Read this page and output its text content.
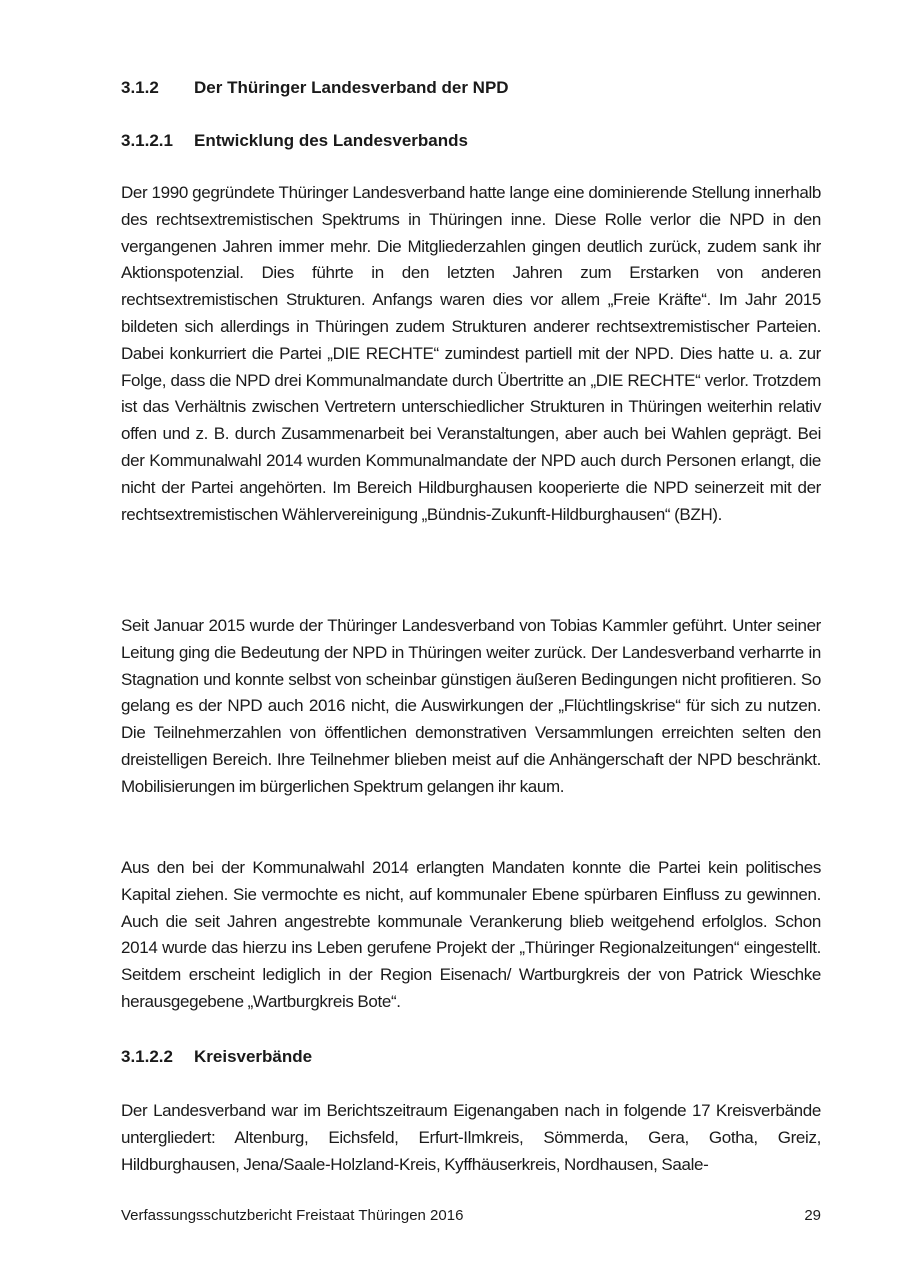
3.1.2 Der Thüringer Landesverband der NPD
3.1.2.1 Entwicklung des Landesverbands

Der 1990 gegründete Thüringer Landesverband hatte lange eine dominierende Stellung innerhalb des rechtsextremistischen Spektrums in Thüringen inne. Diese Rolle verlor die NPD in den vergangenen Jahren immer mehr. Die Mitgliederzahlen gingen deutlich zurück, zudem sank ihr Aktionspotenzial. Dies führte in den letzten Jahren zum Erstarken von anderen rechtsextremistischen Strukturen. Anfangs waren dies vor allem „Freie Kräfte“. Im Jahr 2015 bildeten sich allerdings in Thüringen zudem Strukturen anderer rechtsextremistischer Parteien. Dabei konkurriert die Partei „DIE RECHTE“ zumindest partiell mit der NPD. Dies hatte u. a. zur Folge, dass die NPD drei Kommunalmandate durch Übertritte an „DIE RECHTE“ verlor. Trotzdem ist das Verhältnis zwischen Vertretern unterschiedlicher Strukturen in Thüringen weiterhin relativ offen und z. B. durch Zusammenarbeit bei Veranstaltungen, aber auch bei Wahlen geprägt. Bei der Kommunalwahl 2014 wurden Kommunalmandate der NPD auch durch Personen erlangt, die nicht der Partei angehörten. Im Bereich Hildburghausen kooperierte die NPD seinerzeit mit der rechtsextremistischen Wählervereinigung „Bündnis-Zukunft-Hildburghausen“ (BZH).

Seit Januar 2015 wurde der Thüringer Landesverband von Tobias Kammler geführt. Unter seiner Leitung ging die Bedeutung der NPD in Thüringen weiter zurück. Der Landesverband verharrte in Stagnation und konnte selbst von scheinbar günstigen äußeren Bedingungen nicht profitieren. So gelang es der NPD auch 2016 nicht, die Auswirkungen der „Flüchtlingskrise“ für sich zu nutzen. Die Teilnehmerzahlen von öffentlichen demonstrativen Versammlungen erreichten selten den dreistelligen Bereich. Ihre Teilnehmer blieben meist auf die Anhängerschaft der NPD beschränkt. Mobilisierungen im bürgerlichen Spektrum gelangen ihr kaum.

Aus den bei der Kommunalwahl 2014 erlangten Mandaten konnte die Partei kein politisches Kapital ziehen. Sie vermochte es nicht, auf kommunaler Ebene spürbaren Einfluss zu gewinnen. Auch die seit Jahren angestrebte kommunale Verankerung blieb weitgehend erfolglos. Schon 2014 wurde das hierzu ins Leben gerufene Projekt der „Thüringer Regionalzeitungen“ eingestellt. Seitdem erscheint lediglich in der Region Eisenach/ Wartburgkreis der von Patrick Wieschke herausgegebene „Wartburgkreis Bote“.

3.1.2.2 Kreisverbände

Der Landesverband war im Berichtszeitraum Eigenangaben nach in folgende 17 Kreisverbände untergliedert: Altenburg, Eichsfeld, Erfurt-Ilmkreis, Sömmerda, Gera, Gotha, Greiz, Hildburghausen, Jena/Saale-Holzland-Kreis, Kyffhäuserkreis, Nordhausen, Saale-

Verfassungsschutzbericht Freistaat Thüringen 2016	29
